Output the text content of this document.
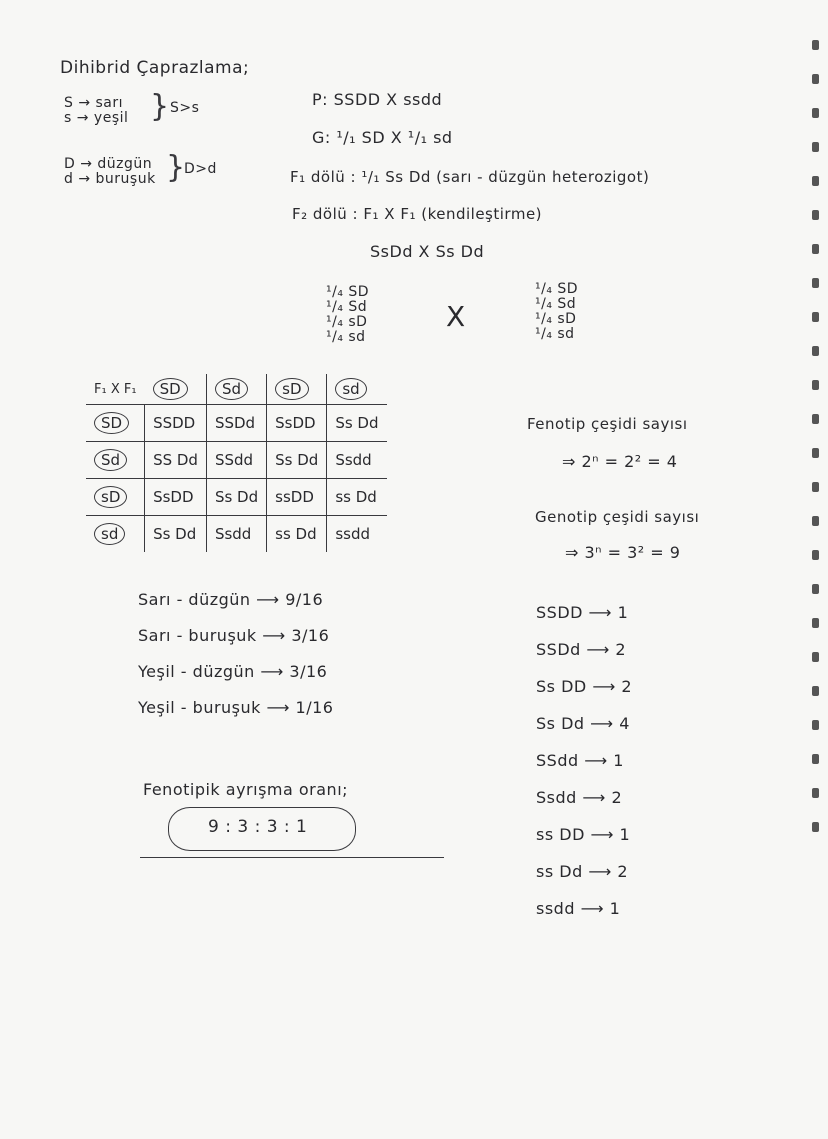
Dihibrid Çaprazlama;
S → sarı
s → yeşil } S>s
D → düzgün
d → buruşuk }
D>d
P: SSDD X ssdd
G: ¹/₁ SD X ¹/₁ sd
F₁ dölü : ¹/₁ Ss Dd (sarı - düzgün heterozigot)
F₂ dölü : F₁ X F₁ (kendileştirme)
SsDd X Ss Dd
¹/₄ SD
¹/₄ Sd
¹/₄ sD
¹/₄ sd
X
¹/₄ SD
¹/₄ Sd
¹/₄ sD
¹/₄ sd
F₁ X F₁	SD	Sd	sD	sd
SD	SSDD	SSDd	SsDD	Ss Dd
Sd	SS Dd	SSdd	Ss Dd	Ssdd
sD	SsDD	Ss Dd	ssDD	ss Dd
sd	Ss Dd	Ssdd	ss Dd	ssdd
Sarı - düzgün ⟶ 9/16
Sarı - buruşuk ⟶ 3/16
Yeşil - düzgün ⟶ 3/16
Yeşil - buruşuk ⟶ 1/16
Fenotipik ayrışma oranı;
9 : 3 : 3 : 1
Fenotip çeşidi sayısı
⇒ 2ⁿ = 2² = 4
Genotip çeşidi sayısı
⇒ 3ⁿ = 3² = 9
SSDD ⟶ 1
SSDd ⟶ 2
Ss DD ⟶ 2
Ss Dd ⟶ 4
SSdd ⟶ 1
Ssdd ⟶ 2
ss DD ⟶ 1
ss Dd ⟶ 2
ssdd ⟶ 1
